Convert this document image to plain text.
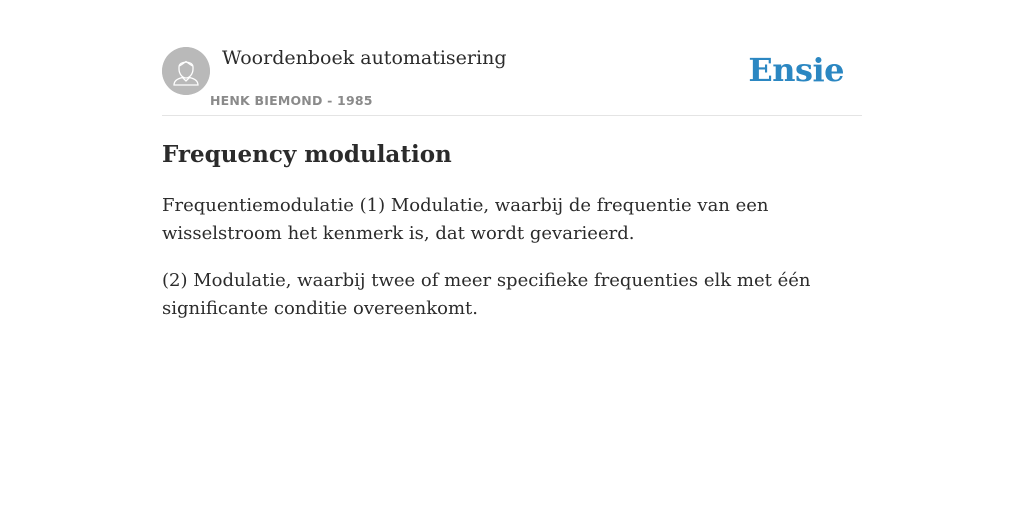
Woordenboek automatisering
HENK BIEMOND - 1985
Ensie
Frequency modulation

Frequentiemodulatie (1) Modulatie, waarbij de frequentie van een wisselstroom het kenmerk is, dat wordt gevarieerd.

(2) Modulatie, waarbij twee of meer specifieke frequenties elk met één significante conditie overeenkomt.
